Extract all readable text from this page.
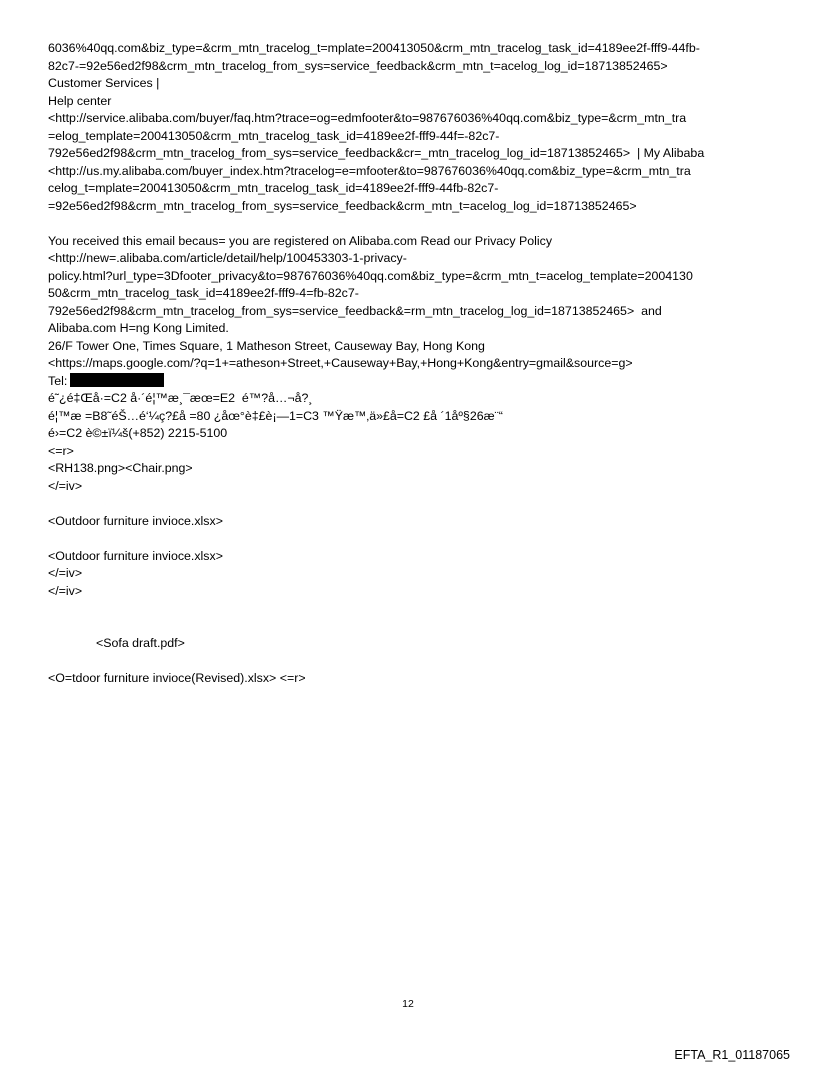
6036%40qq.com&biz_type=&crm_mtn_tracelog_t=mplate=200413050&crm_mtn_tracelog_task_id=4189ee2f-fff9-44fb-
82c7-=92e56ed2f98&crm_mtn_tracelog_from_sys=service_feedback&crm_mtn_t=acelog_log_id=18713852465>
Customer Services |
Help center
<http://service.alibaba.com/buyer/faq.htm?trace=og=edmfooter&to=987676036%40qq.com&biz_type=&crm_mtn_tra
=elog_template=200413050&crm_mtn_tracelog_task_id=4189ee2f-fff9-44f=-82c7-
792e56ed2f98&crm_mtn_tracelog_from_sys=service_feedback&cr=_mtn_tracelog_log_id=18713852465>  | My Alibaba
<http://us.my.alibaba.com/buyer_index.htm?tracelog=e=mfooter&to=987676036%40qq.com&biz_type=&crm_mtn_tra
celog_t=mplate=200413050&crm_mtn_tracelog_task_id=4189ee2f-fff9-44fb-82c7-
=92e56ed2f98&crm_mtn_tracelog_from_sys=service_feedback&crm_mtn_t=acelog_log_id=18713852465>
You received this email becaus= you are registered on Alibaba.com Read our Privacy Policy
<http://new=.alibaba.com/article/detail/help/100453303-1-privacy-
policy.html?url_type=3Dfooter_privacy&to=987676036%40qq.com&biz_type=&crm_mtn_t=acelog_template=2004130
50&crm_mtn_tracelog_task_id=4189ee2f-fff9-4=fb-82c7-
792e56ed2f98&crm_mtn_tracelog_from_sys=service_feedback&=rm_mtn_tracelog_log_id=18713852465>  and
Alibaba.com H=ng Kong Limited.
26/F Tower One, Times Square, 1 Matheson Street, Causeway Bay, Hong Kong
<https://maps.google.com/?q=1+=atheson+Street,+Causeway+Bay,+Hong+Kong&entry=gmail&source=g>
Tel:
é˜¿é‡Œå·=C2 å·´é¦™æ¸¯æœ=E2  é™?å…¬å?¸
é¦™æ =B8˜éŠ…é‘¼ç?£å =80 ¿åœ°è‡£è¡—1=C3 ™Ÿæ™‚ä»£å=C2 £å ´1åº§26æ¨“
é›=C2 è©±ï¼š(+852) 2215-5100
<=r>
<RH138.png><Chair.png>
</=iv>
<Outdoor furniture invioce.xlsx>
<Outdoor furniture invioce.xlsx>
</=iv>
</=iv>
<Sofa draft.pdf>
<O=tdoor furniture invioce(Revised).xlsx> <=r>
12
EFTA_R1_01187065
